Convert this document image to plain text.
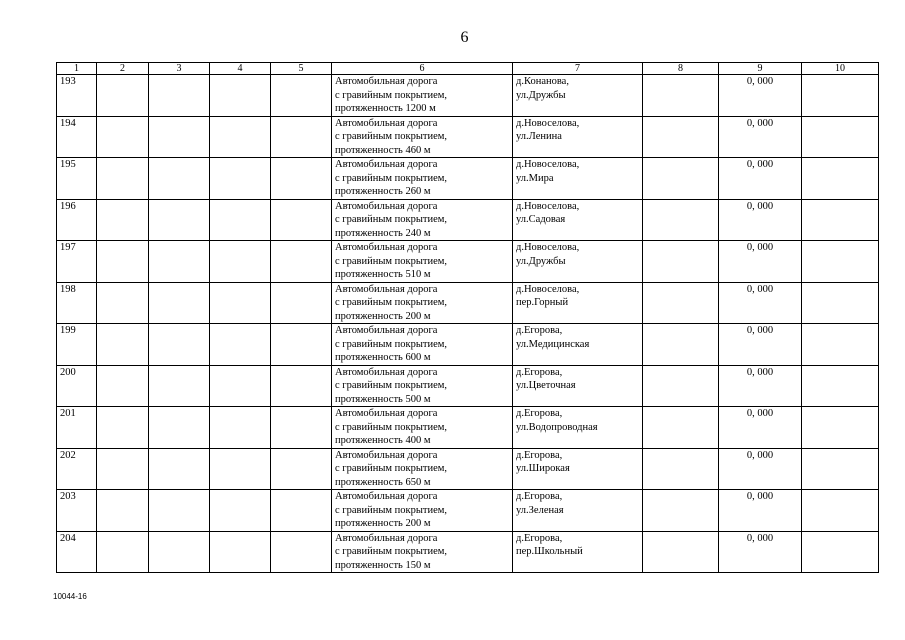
6
1	2	3	4	5	6	7	8	9	10
193					Автомобильная дорога
с гравийным покрытием,
протяженность 1200 м	д.Конанова,
ул.Дружбы		0, 000	
194					Автомобильная дорога
с гравийным покрытием,
протяженность 460 м	д.Новоселова,
ул.Ленина		0, 000	
195					Автомобильная дорога
с гравийным покрытием,
протяженность 260 м	д.Новоселова,
ул.Мира		0, 000	
196					Автомобильная дорога
с гравийным покрытием,
протяженность 240 м	д.Новоселова,
ул.Садовая		0, 000	
197					Автомобильная дорога
с гравийным покрытием,
протяженность 510 м	д.Новоселова,
ул.Дружбы		0, 000	
198					Автомобильная дорога
с гравийным покрытием,
протяженность 200 м	д.Новоселова,
пер.Горный		0, 000	
199					Автомобильная дорога
с гравийным покрытием,
протяженность 600 м	д.Егорова,
ул.Медицинская		0, 000	
200					Автомобильная дорога
с гравийным покрытием,
протяженность 500 м	д.Егорова,
ул.Цветочная		0, 000	
201					Автомобильная дорога
с гравийным покрытием,
протяженность 400 м	д.Егорова,
ул.Водопроводная		0, 000	
202					Автомобильная дорога
с гравийным покрытием,
протяженность 650 м	д.Егорова,
ул.Широкая		0, 000	
203					Автомобильная дорога
с гравийным покрытием,
протяженность 200 м	д.Егорова,
ул.Зеленая		0, 000	
204					Автомобильная дорога
с гравийным покрытием,
протяженность 150 м	д.Егорова,
пер.Школьный		0, 000	
10044-16
